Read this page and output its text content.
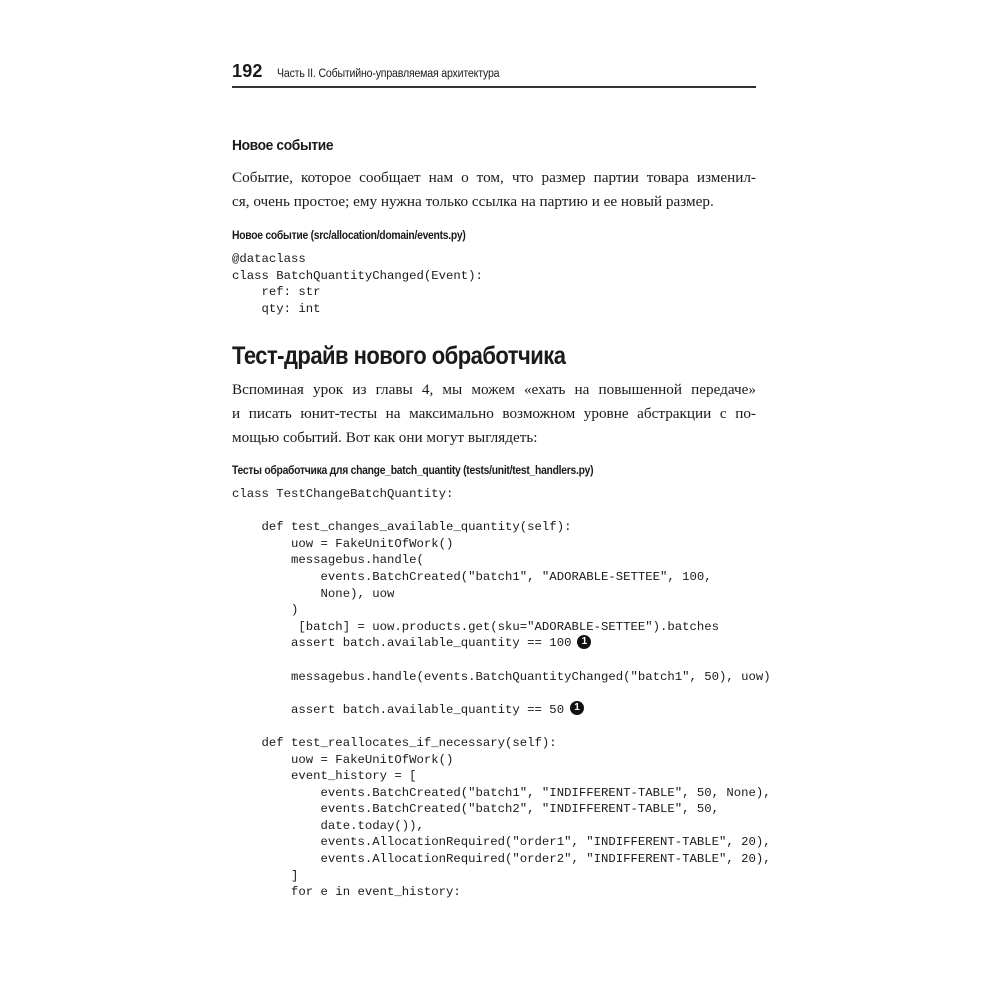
192 Часть II. Событийно-управляемая архитектура
Новое событие

Событие, которое сообщает нам о том, что размер партии товара изменил-
ся, очень простое; ему нужна только ссылка на партию и ее новый размер.

Новое событие (src/allocation/domain/events.py)
@dataclass
class BatchQuantityChanged(Event):
ref: str
qty: int
Тест-драйв нового обработчика

Вспоминая урок из главы 4, мы можем «ехать на повышенной передаче»
и писать юнит-тесты на максимально возможном уровне абстракции с по-
мощью событий. Вот как они могут выглядеть:

Тесты обработчика для change_batch_quantity (tests/unit/test_handlers.py)
class TestChangeBatchQuantity:

def test_changes_available_quantity(self):
uow = FakeUnitOfWork()
messagebus.handle(
events.BatchCreated("batch1", "ADORABLE-SETTEE", 100,
None), uow
)
[batch] = uow.products.get(sku="ADORABLE-SETTEE").batches
assert batch.available_quantity == 100 1

messagebus.handle(events.BatchQuantityChanged("batch1", 50), uow)

assert batch.available_quantity == 50 1

def test_reallocates_if_necessary(self):
uow = FakeUnitOfWork()
event_history = [
events.BatchCreated("batch1", "INDIFFERENT-TABLE", 50, None),
events.BatchCreated("batch2", "INDIFFERENT-TABLE", 50,
date.today()),
events.AllocationRequired("order1", "INDIFFERENT-TABLE", 20),
events.AllocationRequired("order2", "INDIFFERENT-TABLE", 20),
]
for e in event_history:
